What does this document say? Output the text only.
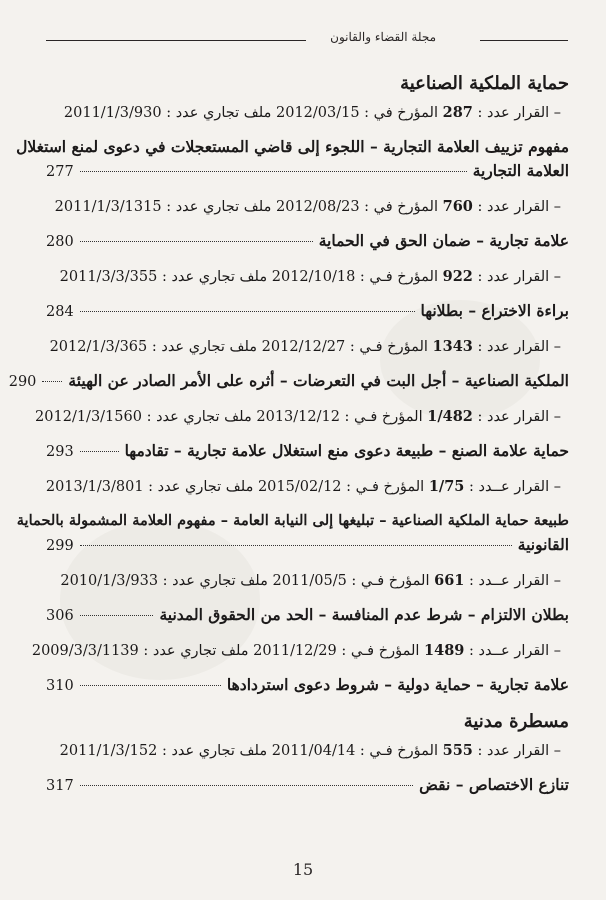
مجلة القضاء والقانون
حماية الملكية الصناعية
– القرار عدد : 287 المؤرخ في : 2012/03/15 ملف تجاري عدد : 2011/1/3/930
مفهوم تزييف العلامة التجارية – اللجوء إلى قاضي المستعجلات في دعوى لمنع استغلال
العلامة التجارية
277
– القرار عدد : 760 المؤرخ في : 2012/08/23 ملف تجاري عدد : 2011/1/3/1315
علامة تجارية – ضمان الحق في الحماية
280
– القرار عدد : 922 المؤرخ فـي : 2012/10/18 ملف تجاري عدد : 2011/3/3/355
براءة الاختراع – بطلانها
284
– القرار عدد : 1343 المؤرخ فـي : 2012/12/27 ملف تجاري عدد : 2012/1/3/365
الملكية الصناعية – أجل البت في التعرضات – أثره على الأمر الصادر عن الهيئة
290
– القرار عدد : 1/482 المؤرخ فـي : 2013/12/12 ملف تجاري عدد : 2012/1/3/1560
حماية علامة الصنع – طبيعة دعوى منع استغلال علامة تجارية – تقادمها
293
– القرار عــدد : 1/75 المؤرخ فـي : 2015/02/12 ملف تجاري عدد : 2013/1/3/801
طبيعة حماية الملكية الصناعية – تبليغها إلى النيابة العامة – مفهوم العلامة المشمولة بالحماية
القانونية
299
– القرار عــدد : 661 المؤرخ فـي : 2011/05/5 ملف تجاري عدد : 2010/1/3/933
بطلان الالتزام – شرط عدم المنافسة – الحد من الحقوق المدنية
306
– القرار عــدد : 1489 المؤرخ فـي : 2011/12/29 ملف تجاري عدد : 2009/3/3/1139
علامة تجارية – حماية دولية – شروط دعوى استردادها
310
مسطرة مدنية
– القرار عدد : 555 المؤرخ فـي : 2011/04/14 ملف تجاري عدد : 2011/1/3/152
تنازع الاختصاص – نقض
317
15
